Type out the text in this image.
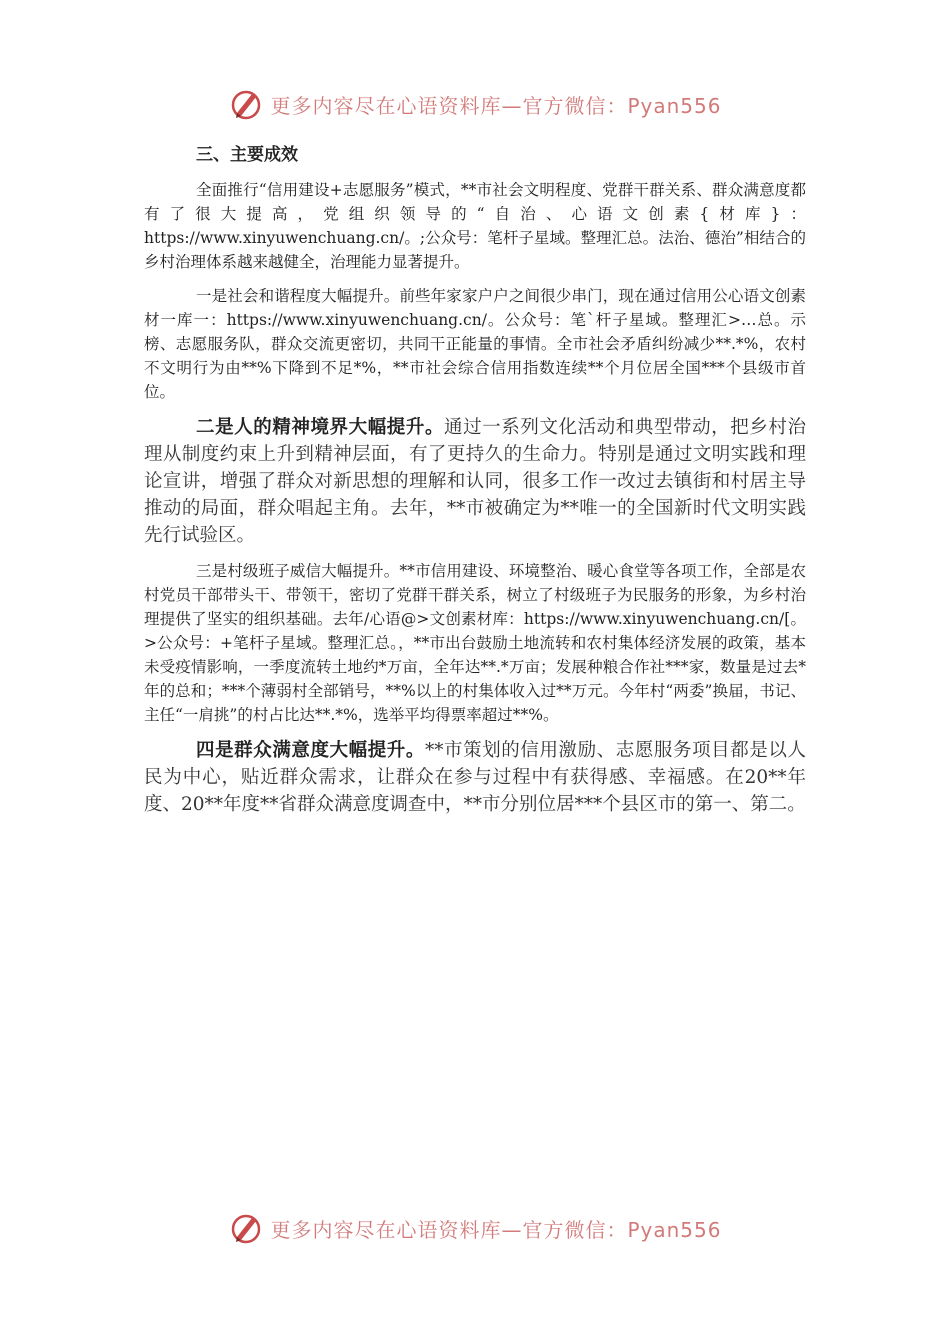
更多内容尽在心语资料库—官方微信：Pyan556
三、主要成效

全面推行“信用建设+志愿服务”模式，**市社会文明程度、党群干群关系、群众满意度都有了很大提高，党组织领导的“自治、心语文创素{材库}：https://www.xinyuwenchuang.cn/。;公众号：笔杆子星域。整理汇总。法治、德治”相结合的乡村治理体系越来越健全，治理能力显著提升。

一是社会和谐程度大幅提升。前些年家家户户之间很少串门，现在通过信用公心语文创素材一库一：https://www.xinyuwenchuang.cn/。公众号：笔`杆子星域。整理汇>…总。示榜、志愿服务队，群众交流更密切，共同干正能量的事情。全市社会矛盾纠纷减少**.*%，农村不文明行为由**%下降到不足*%，**市社会综合信用指数连续**个月位居全国***个县级市首位。

二是人的精神境界大幅提升。通过一系列文化活动和典型带动，把乡村治理从制度约束上升到精神层面，有了更持久的生命力。特别是通过文明实践和理论宣讲，增强了群众对新思想的理解和认同，很多工作一改过去镇街和村居主导推动的局面，群众唱起主角。去年，**市被确定为**唯一的全国新时代文明实践先行试验区。

三是村级班子威信大幅提升。**市信用建设、环境整治、暖心食堂等各项工作，全部是农村党员干部带头干、带领干，密切了党群干群关系，树立了村级班子为民服务的形象，为乡村治理提供了坚实的组织基础。去年/心语@>文创素材库：https://www.xinyuwenchuang.cn/[。>公众号：+笔杆子星域。整理汇总。，**市出台鼓励土地流转和农村集体经济发展的政策，基本未受疫情影响，一季度流转土地约*万亩，全年达**.*万亩；发展种粮合作社***家，数量是过去*年的总和；***个薄弱村全部销号，**%以上的村集体收入过**万元。今年村“两委”换届，书记、主任“一肩挑”的村占比达**.*%，选举平均得票率超过**%。

四是群众满意度大幅提升。**市策划的信用激励、志愿服务项目都是以人民为中心，贴近群众需求，让群众在参与过程中有获得感、幸福感。在20**年度、20**年度**省群众满意度调查中，**市分别位居***个县区市的第一、第二。

更多内容尽在心语资料库—官方微信：Pyan556
